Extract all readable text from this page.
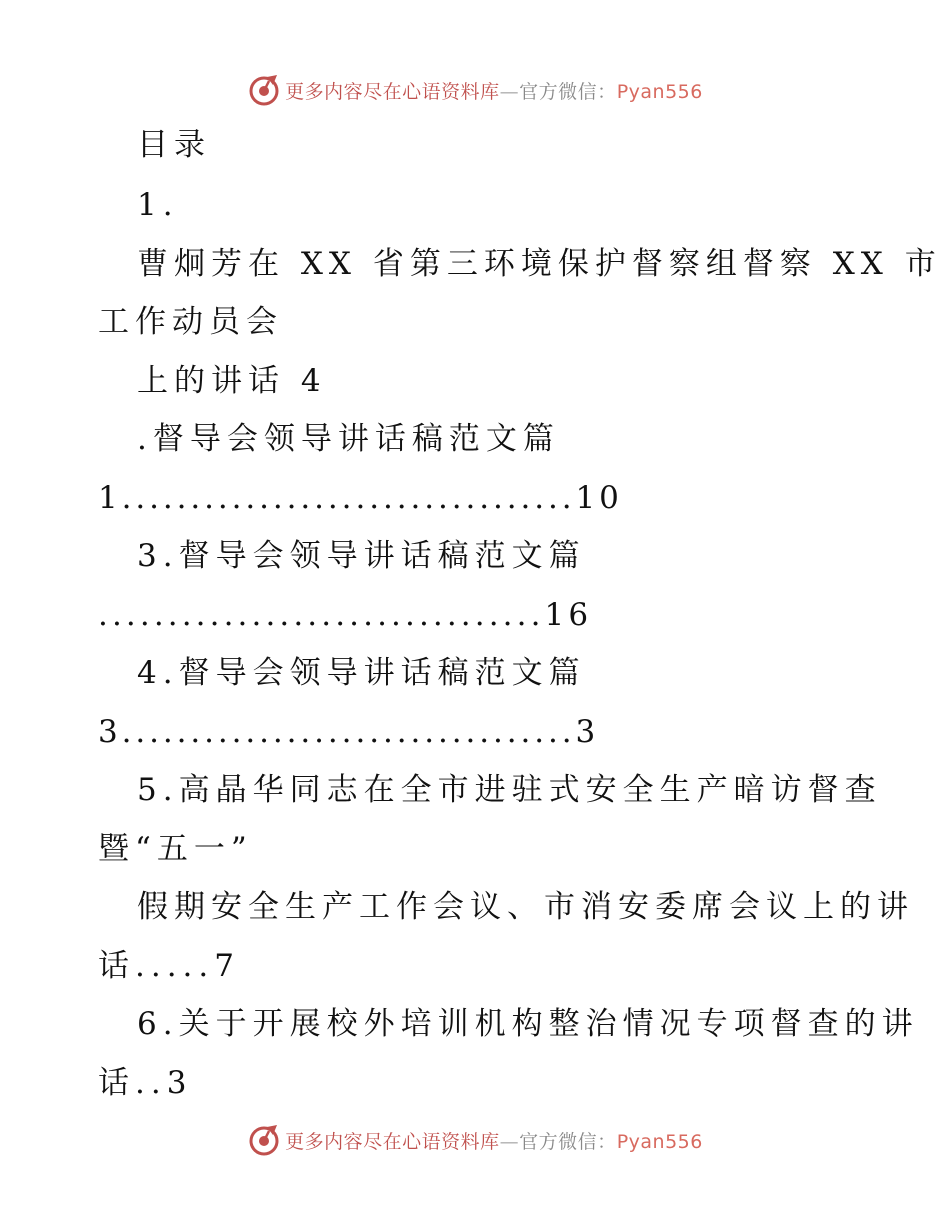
更多内容尽在心语资料库—官方微信：Pyan556
目录
1.
曹炯芳在 XX 省第三环境保护督察组督察 XX 市
工作动员会
上的讲话 4
.督导会领导讲话稿范文篇
1.................................10
3.督导会领导讲话稿范文篇
................................16
4.督导会领导讲话稿范文篇
3.................................3
5.高晶华同志在全市进驻式安全生产暗访督查
暨“五一”
假期安全生产工作会议、市消安委席会议上的讲
话.....7
6.关于开展校外培训机构整治情况专项督查的讲
话..3
更多内容尽在心语资料库—官方微信：Pyan556
